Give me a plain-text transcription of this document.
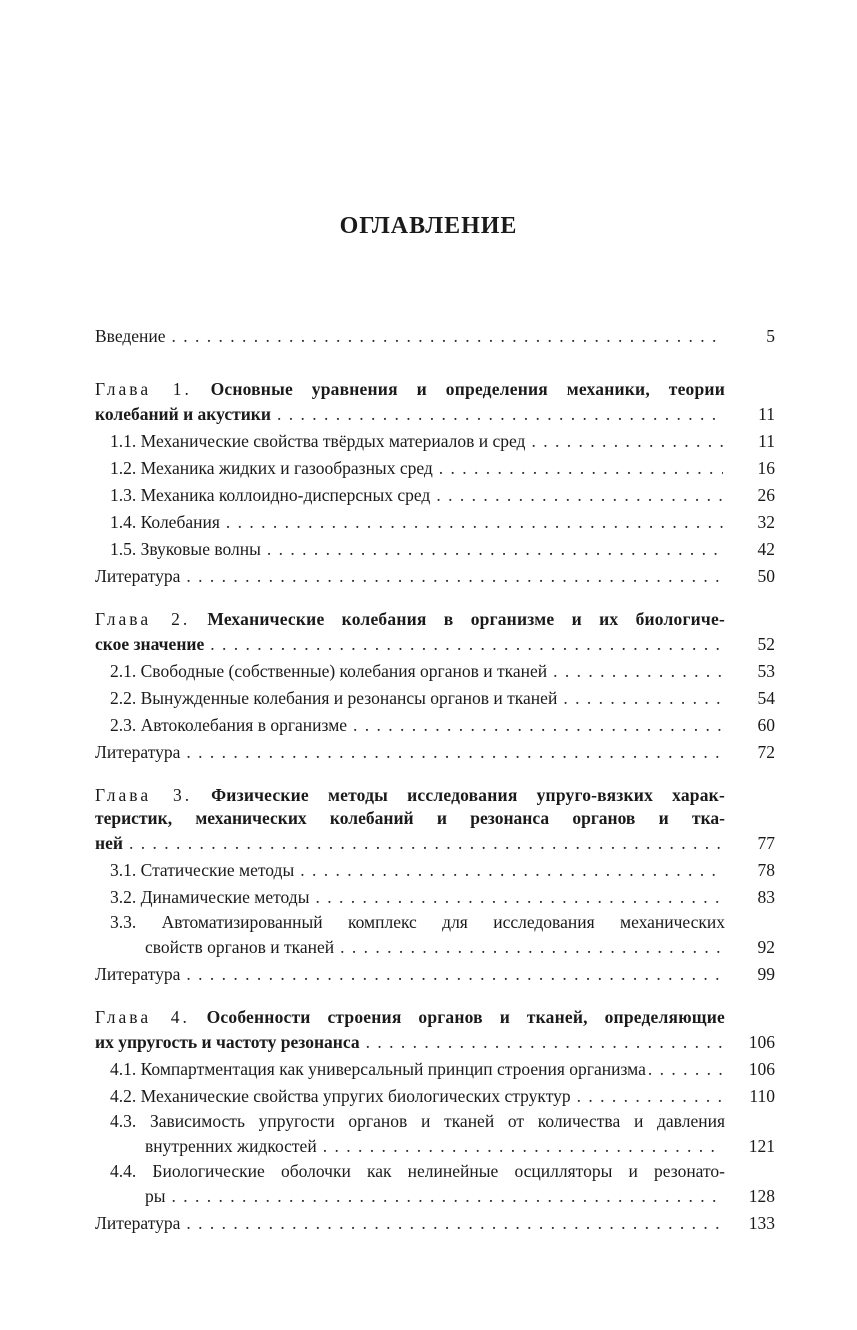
ОГЛАВЛЕНИЕ
Введение . . .	5
Глава 1. Основные уравнения и определения механики, теории
колебаний и акустики . . .	11
1.1. Механические свойства твёрдых материалов и сред . . .	11
1.2. Механика жидких и газообразных сред . . .	16
1.3. Механика коллоидно-дисперсных сред . . .	26
1.4. Колебания . . .	32
1.5. Звуковые волны . . .	42
Литература . . .	50
Глава 2. Механические колебания в организме и их биологиче-
ское значение . . .	52
2.1. Свободные (собственные) колебания органов и тканей . . .	53
2.2. Вынужденные колебания и резонансы органов и тканей . . .	54
2.3. Автоколебания в организме . . .	60
Литература . . .	72
Глава 3. Физические методы исследования упруго-вязких харак-
теристик, механических колебаний и резонанса органов и тка-
ней . . .	77
3.1. Статические методы . . .	78
3.2. Динамические методы . . .	83
3.3. Автоматизированный комплекс для исследования механических
свойств органов и тканей . . .	92
Литература . . .	99
Глава 4. Особенности строения органов и тканей, определяющие
их упругость и частоту резонанса . . .	106
4.1. Компартментация как универсальный принцип строения организма . . .	106
4.2. Механические свойства упругих биологических структур . . .	110
4.3. Зависимость упругости органов и тканей от количества и давления
внутренних жидкостей . . .	121
4.4. Биологические оболочки как нелинейные осцилляторы и резонато-
ры . . .	128
Литература . . .	133
